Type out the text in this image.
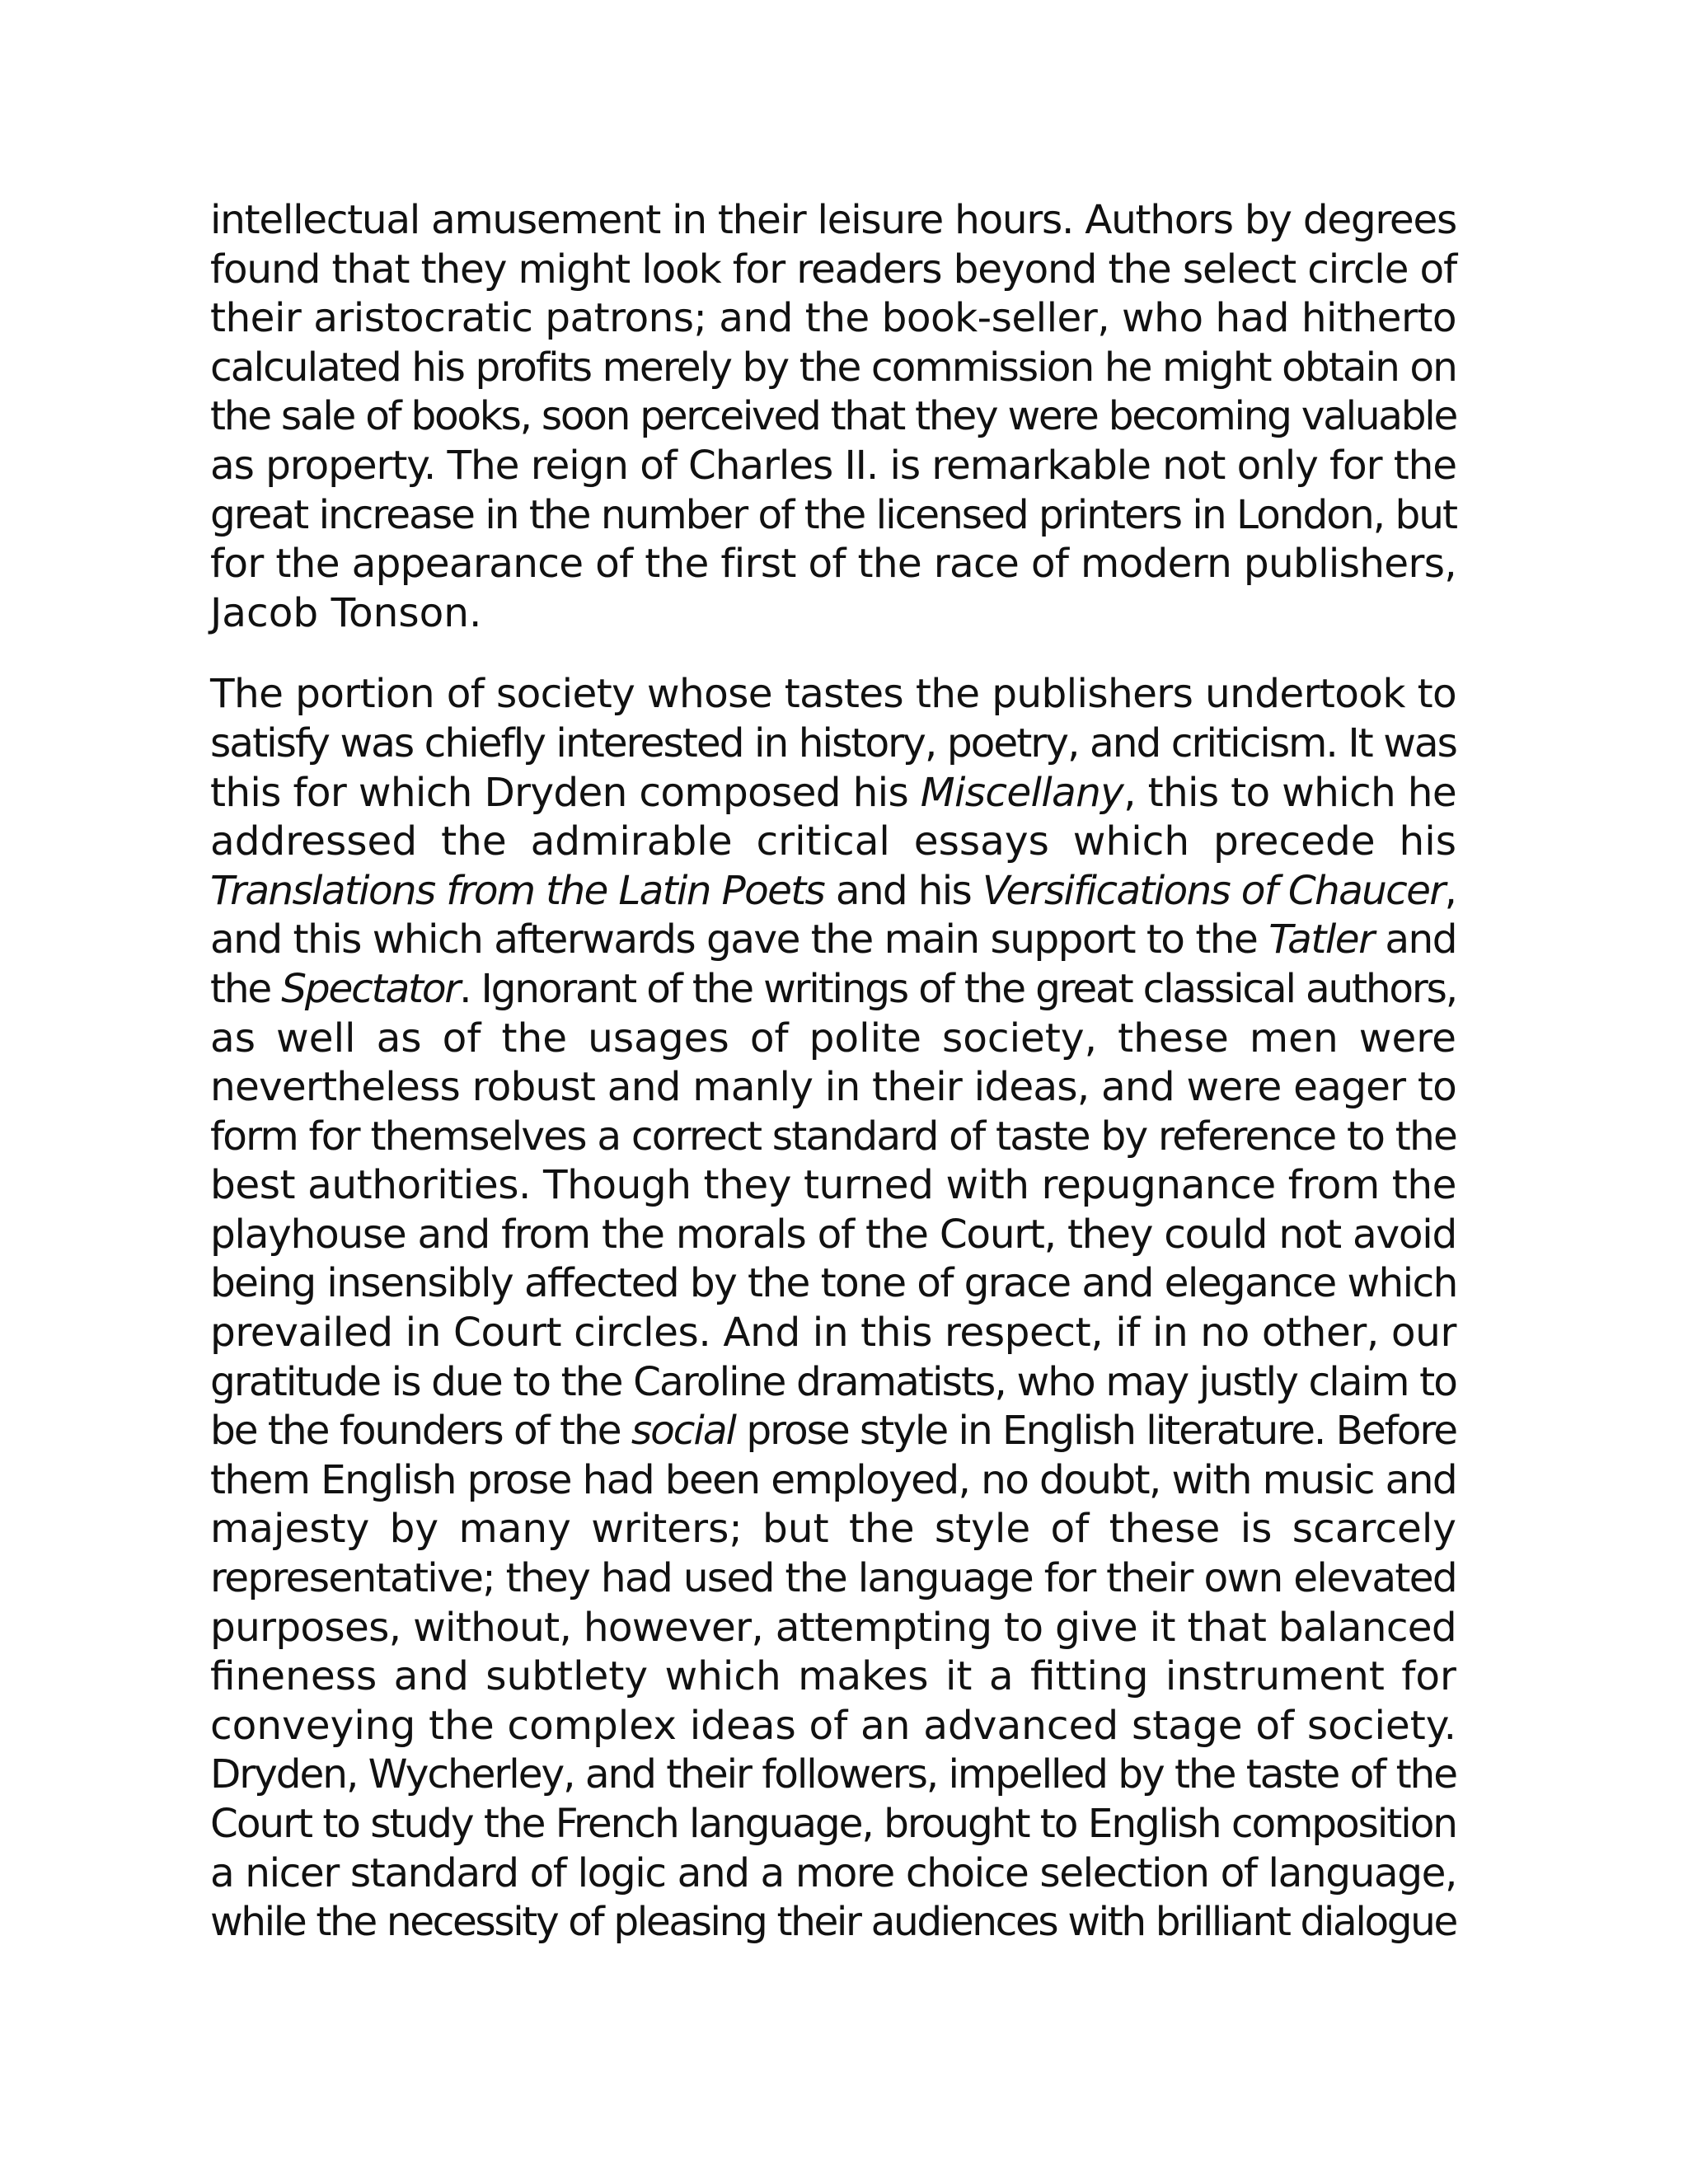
intellectual amusement in their leisure hours. Authors by degrees
found that they might look for readers beyond the select circle of
their aristocratic patrons; and the book-seller, who had hitherto
calculated his profits merely by the commission he might obtain on
the sale of books, soon perceived that they were becoming valuable
as property. The reign of Charles II. is remarkable not only for the
great increase in the number of the licensed printers in London, but
for the appearance of the first of the race of modern publishers,
Jacob Tonson.

The portion of society whose tastes the publishers undertook to
satisfy was chiefly interested in history, poetry, and criticism. It was
this for which Dryden composed his Miscellany, this to which he
addressed the admirable critical essays which precede his
Translations from the Latin Poets and his Versifications of Chaucer,
and this which afterwards gave the main support to the Tatler and
the Spectator. Ignorant of the writings of the great classical authors,
as well as of the usages of polite society, these men were
nevertheless robust and manly in their ideas, and were eager to
form for themselves a correct standard of taste by reference to the
best authorities. Though they turned with repugnance from the
playhouse and from the morals of the Court, they could not avoid
being insensibly affected by the tone of grace and elegance which
prevailed in Court circles. And in this respect, if in no other, our
gratitude is due to the Caroline dramatists, who may justly claim to
be the founders of the social prose style in English literature. Before
them English prose had been employed, no doubt, with music and
majesty by many writers; but the style of these is scarcely
representative; they had used the language for their own elevated
purposes, without, however, attempting to give it that balanced
fineness and subtlety which makes it a fitting instrument for
conveying the complex ideas of an advanced stage of society.
Dryden, Wycherley, and their followers, impelled by the taste of the
Court to study the French language, brought to English composition
a nicer standard of logic and a more choice selection of language,
while the necessity of pleasing their audiences with brilliant dialogue
